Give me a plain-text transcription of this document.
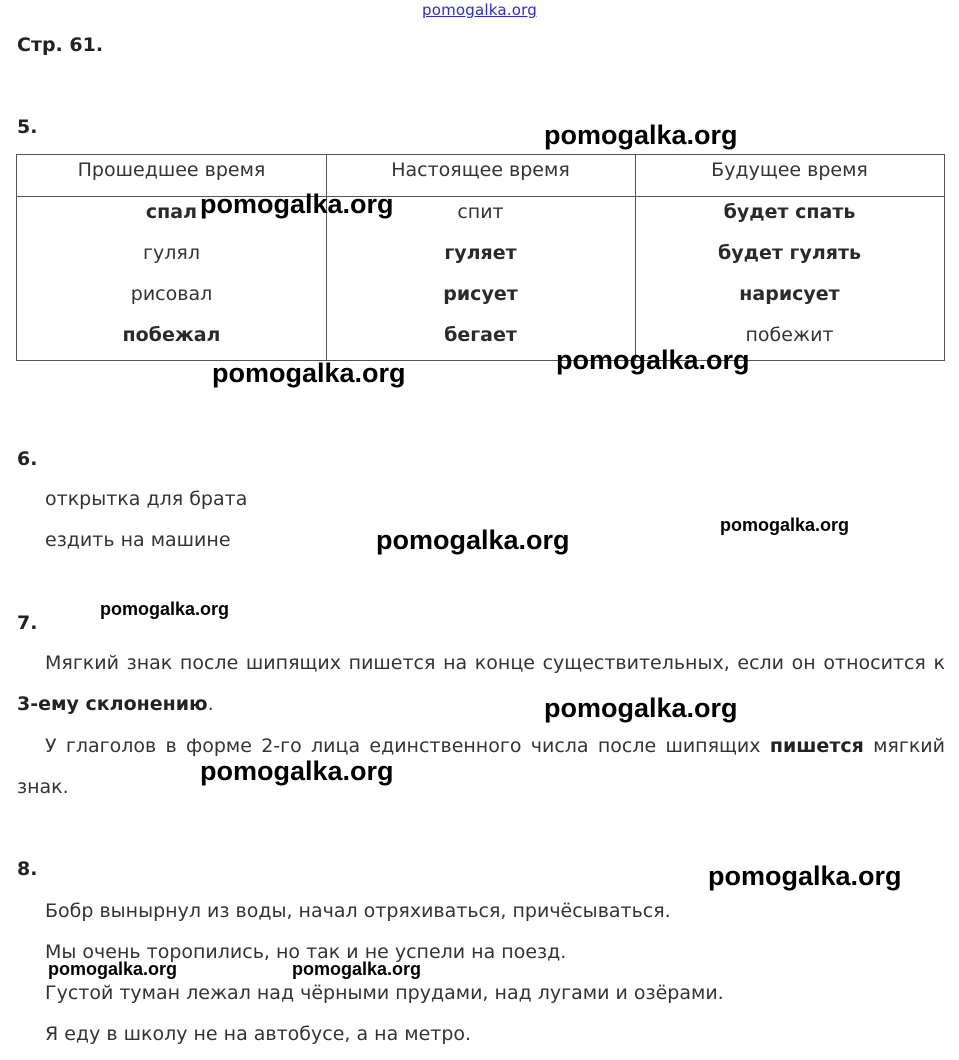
pomogalka.org
Стр. 61.
5.
Прошедшее время	Настоящее время	Будущее время
спал	спит	будет спать
гулял	гуляет	будет гулять
рисовал	рисует	нарисует
побежал	бегает	побежит
6.
открытка для брата
ездить на машине
7.
Мягкий знак после шипящих пишется на конце существительных, если он относится к 3-ему склонению.
У глаголов в форме 2-го лица единственного числа после шипящих пишется мягкий знак.
8.
Бобр вынырнул из воды, начал отряхиваться, причёсываться.
Мы очень торопились, но так и не успели на поезд.
Густой туман лежал над чёрными прудами, над лугами и озёрами.
Я еду в школу не на автобусе, а на метро.
pomogalka.org
pomogalka.org
pomogalka.org
pomogalka.org
pomogalka.org
pomogalka.org
pomogalka.org
pomogalka.org
pomogalka.org
pomogalka.org
pomogalka.org	pomogalka.org
